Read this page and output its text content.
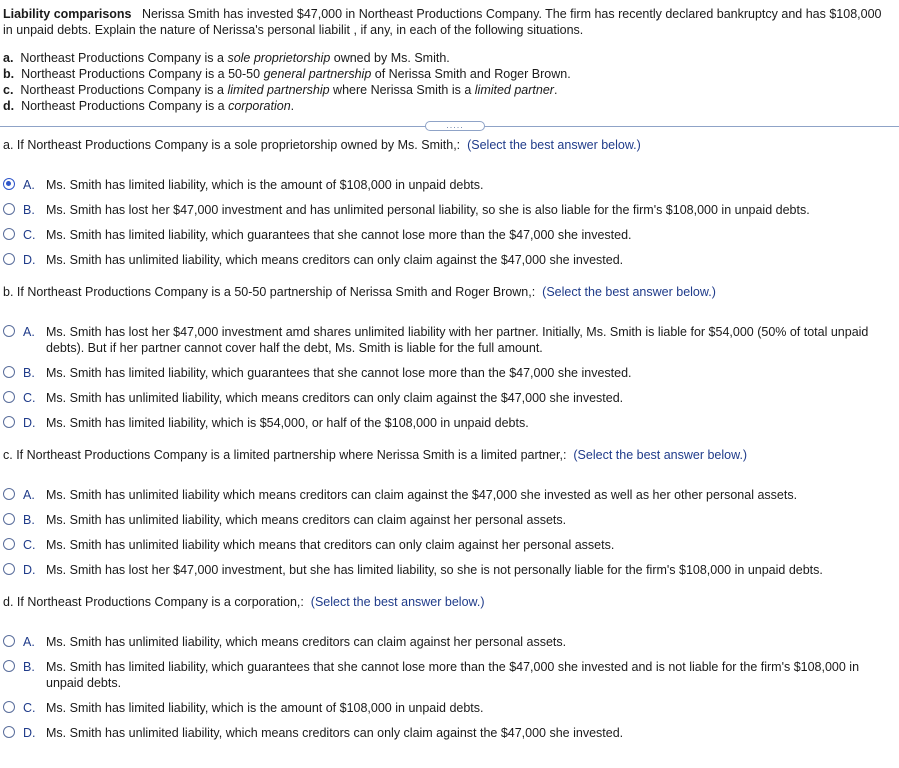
Liability comparisons Nerissa Smith has invested $47,000 in Northeast Productions Company. The firm has recently declared bankruptcy and has $108,000 in unpaid debts. Explain the nature of Nerissa's personal liabilit , if any, in each of the following situations.
a. Northeast Productions Company is a sole proprietorship owned by Ms. Smith.
b. Northeast Productions Company is a 50-50 general partnership of Nerissa Smith and Roger Brown.
c. Northeast Productions Company is a limited partnership where Nerissa Smith is a limited partner.
d. Northeast Productions Company is a corporation.
.....
a. If Northeast Productions Company is a sole proprietorship owned by Ms. Smith,: (Select the best answer below.)
A. Ms. Smith has limited liability, which is the amount of $108,000 in unpaid debts.
B. Ms. Smith has lost her $47,000 investment and has unlimited personal liability, so she is also liable for the firm's $108,000 in unpaid debts.
C. Ms. Smith has limited liability, which guarantees that she cannot lose more than the $47,000 she invested.
D. Ms. Smith has unlimited liability, which means creditors can only claim against the $47,000 she invested.
b. If Northeast Productions Company is a 50-50 partnership of Nerissa Smith and Roger Brown,: (Select the best answer below.)
A. Ms. Smith has lost her $47,000 investment amd shares unlimited liability with her partner. Initially, Ms. Smith is liable for $54,000 (50% of total unpaid debts). But if her partner cannot cover half the debt, Ms. Smith is liable for the full amount.
B. Ms. Smith has limited liability, which guarantees that she cannot lose more than the $47,000 she invested.
C. Ms. Smith has unlimited liability, which means creditors can only claim against the $47,000 she invested.
D. Ms. Smith has limited liability, which is $54,000, or half of the $108,000 in unpaid debts.
c. If Northeast Productions Company is a limited partnership where Nerissa Smith is a limited partner,: (Select the best answer below.)
A. Ms. Smith has unlimited liability which means creditors can claim against the $47,000 she invested as well as her other personal assets.
B. Ms. Smith has unlimited liability, which means creditors can claim against her personal assets.
C. Ms. Smith has unlimited liability which means that creditors can only claim against her personal assets.
D. Ms. Smith has lost her $47,000 investment, but she has limited liability, so she is not personally liable for the firm's $108,000 in unpaid debts.
d. If Northeast Productions Company is a corporation,: (Select the best answer below.)
A. Ms. Smith has unlimited liability, which means creditors can claim against her personal assets.
B. Ms. Smith has limited liability, which guarantees that she cannot lose more than the $47,000 she invested and is not liable for the firm's $108,000 in unpaid debts.
C. Ms. Smith has limited liability, which is the amount of $108,000 in unpaid debts.
D. Ms. Smith has unlimited liability, which means creditors can only claim against the $47,000 she invested.
